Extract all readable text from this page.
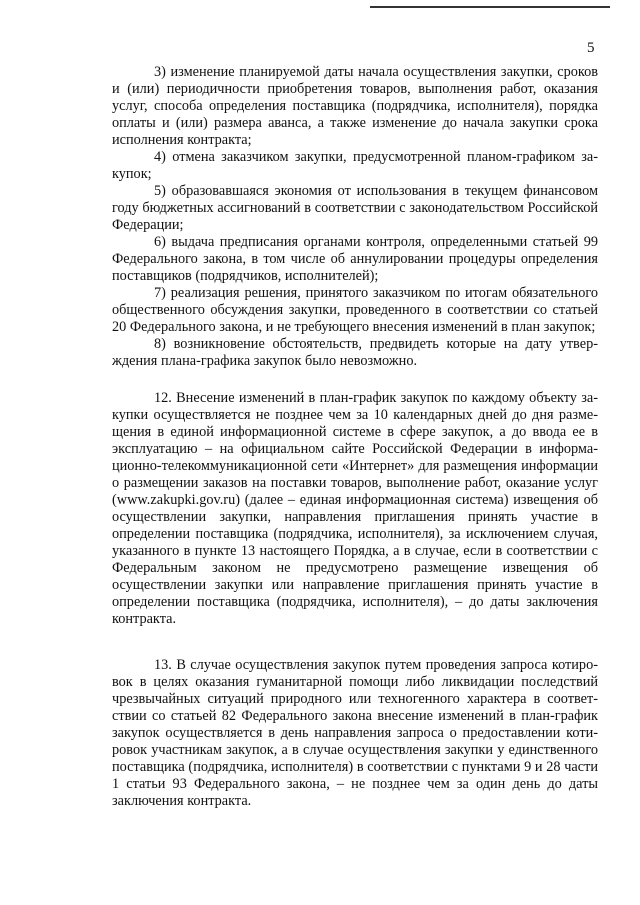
5

3) изменение планируемой даты начала осуществления закупки, сроков и (или) периодичности приобретения товаров, выполнения работ, оказания услуг, способа определения поставщика (подрядчика, исполнителя), порядка оплаты и (или) размера аванса, а также изменение до начала закупки срока исполнения контракта;

4) отмена заказчиком закупки, предусмотренной планом-графиком закупок;

5) образовавшаяся экономия от использования в текущем финансовом году бюджетных ассигнований в соответствии с законодательством Российской Федерации;

6) выдача предписания органами контроля, определенными статьей 99 Федерального закона, в том числе об аннулировании процедуры определения поставщиков (подрядчиков, исполнителей);

7) реализация решения, принятого заказчиком по итогам обязательного общественного обсуждения закупки, проведенного в соответствии со статьей 20 Федерального закона, и не требующего внесения изменений в план закупок;

8) возникновение обстоятельств, предвидеть которые на дату утверждения плана-графика закупок было невозможно.

12. Внесение изменений в план-график закупок по каждому объекту закупки осуществляется не позднее чем за 10 календарных дней до дня размещения в единой информационной системе в сфере закупок, а до ввода ее в эксплуатацию – на официальном сайте Российской Федерации в информационно-телекоммуникационной сети «Интернет» для размещения информации о размещении заказов на поставки товаров, выполнение работ, оказание услуг (www.zakupki.gov.ru) (далее – единая информационная система) извещения об осуществлении закупки, направления приглашения принять участие в определении поставщика (подрядчика, исполнителя), за исключением случая, указанного в пункте 13 настоящего Порядка, а в случае, если в соответствии с Федеральным законом не предусмотрено размещение извещения об осуществлении закупки или направление приглашения принять участие в определении поставщика (подрядчика, исполнителя), – до даты заключения контракта.

13. В случае осуществления закупок путем проведения запроса котировок в целях оказания гуманитарной помощи либо ликвидации последствий чрезвычайных ситуаций природного или техногенного характера в соответствии со статьей 82 Федерального закона внесение изменений в план-график закупок осуществляется в день направления запроса о предоставлении котировок участникам закупок, а в случае осуществления закупки у единственного поставщика (подрядчика, исполнителя) в соответствии с пунктами 9 и 28 части 1 статьи 93 Федерального закона, – не позднее чем за один день до даты заключения контракта.
